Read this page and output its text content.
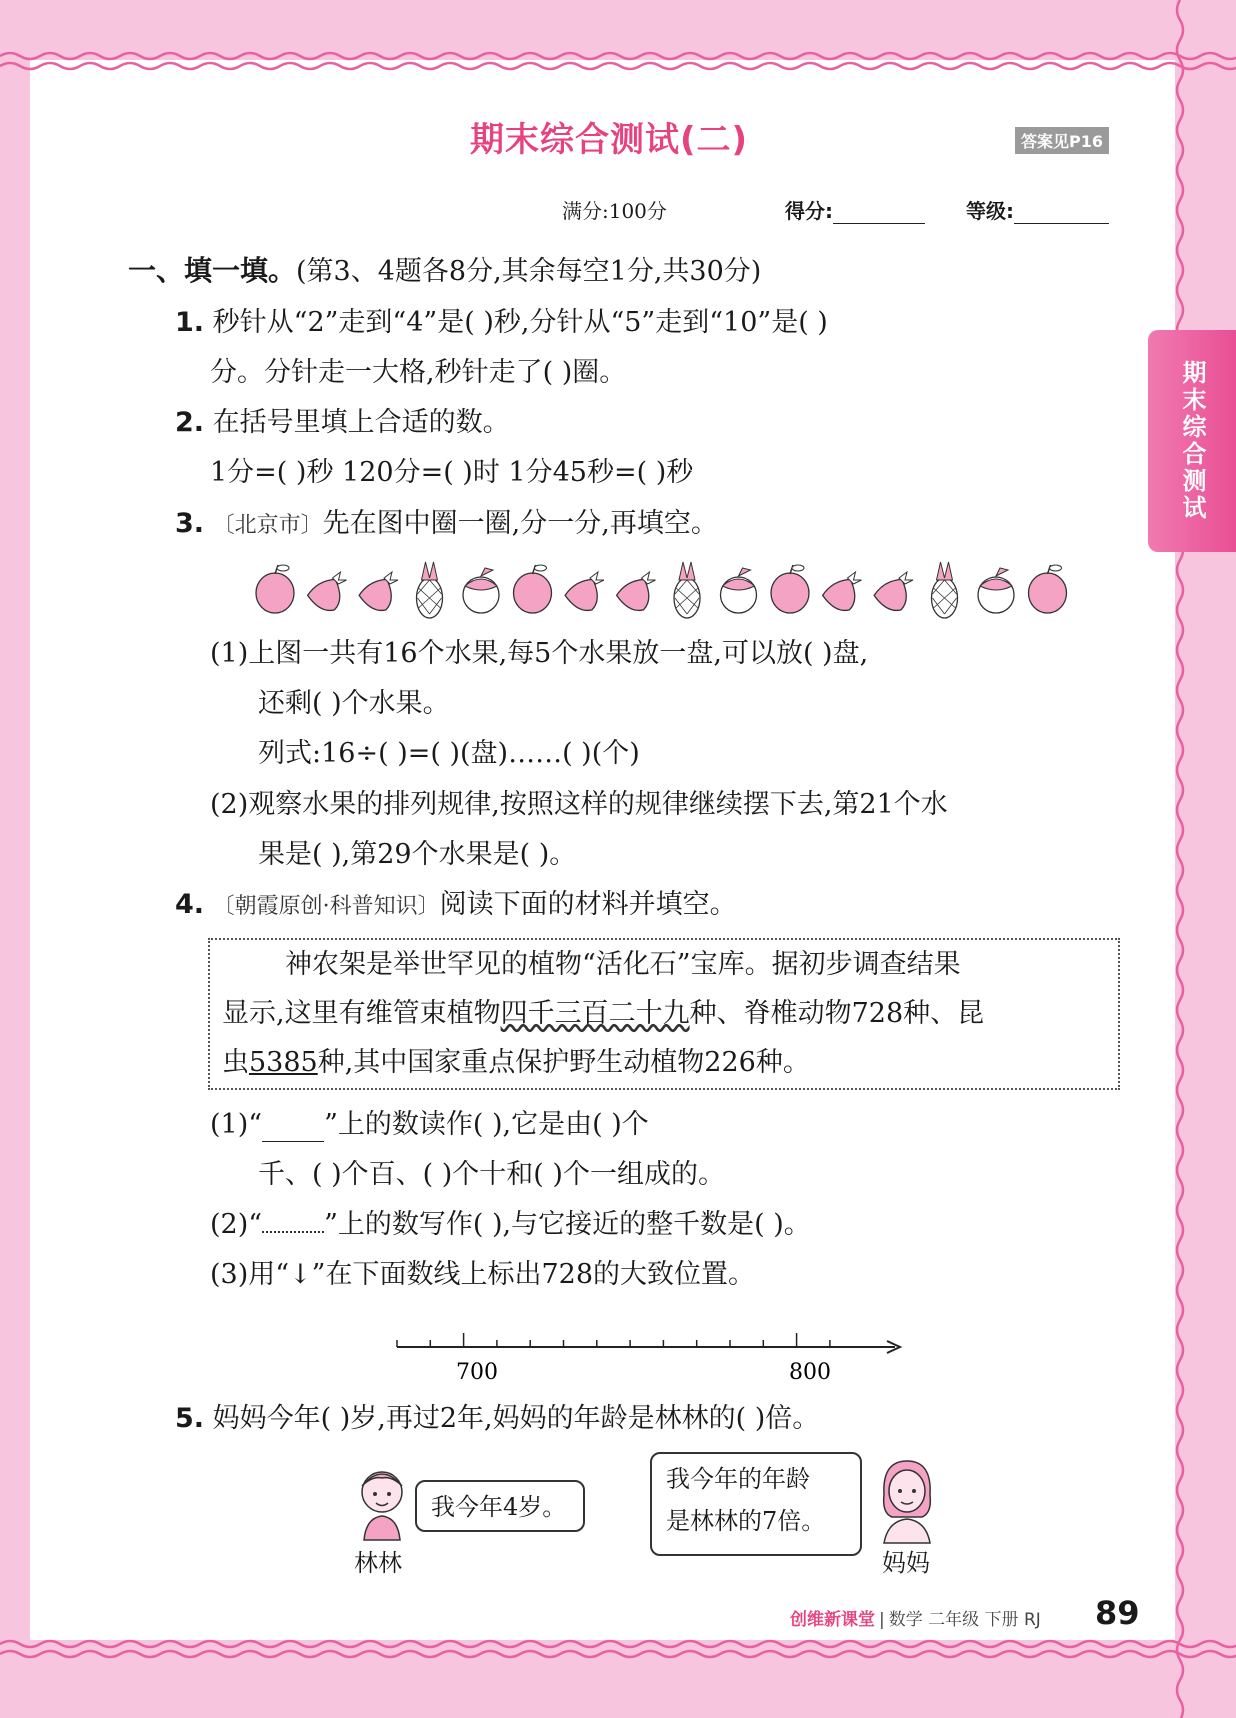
期末综合测试(二)	答案见P16
满分:100分	得分:	等级:
期末综合测试
一、填一填。(第3、4题各8分,其余每空1分,共30分)
1. 秒针从“2”走到“4”是( )秒,分针从“5”走到“10”是( )
分。分针走一大格,秒针走了( )圈。
2. 在括号里填上合适的数。
1分=( )秒 120分=( )时 1分45秒=( )秒
3. 〔北京市〕先在图中圈一圈,分一分,再填空。
(1)上图一共有16个水果,每5个水果放一盘,可以放( )盘,
还剩( )个水果。
列式:16÷( )=( )(盘)……( )(个)
(2)观察水果的排列规律,按照这样的规律继续摆下去,第21个水
果是( ),第29个水果是( )。
4. 〔朝霞原创·科普知识〕阅读下面的材料并填空。
神农架是举世罕见的植物“活化石”宝库。据初步调查结果
显示,这里有维管束植物四千三百二十九种、脊椎动物728种、昆
虫5385种,其中国家重点保护野生动植物226种。
(1)“ ”上的数读作( ),它是由( )个
千、( )个百、( )个十和( )个一组成的。
(2)“ ”上的数写作( ),与它接近的整千数是( )。
(3)用“↓”在下面数线上标出728的大致位置。
700	800
5. 妈妈今年( )岁,再过2年,妈妈的年龄是林林的( )倍。
我今年4岁。
林林
我今年的年龄
是林林的7倍。
妈妈
创维新课堂 | 数学 二年级 下册 RJ 89
